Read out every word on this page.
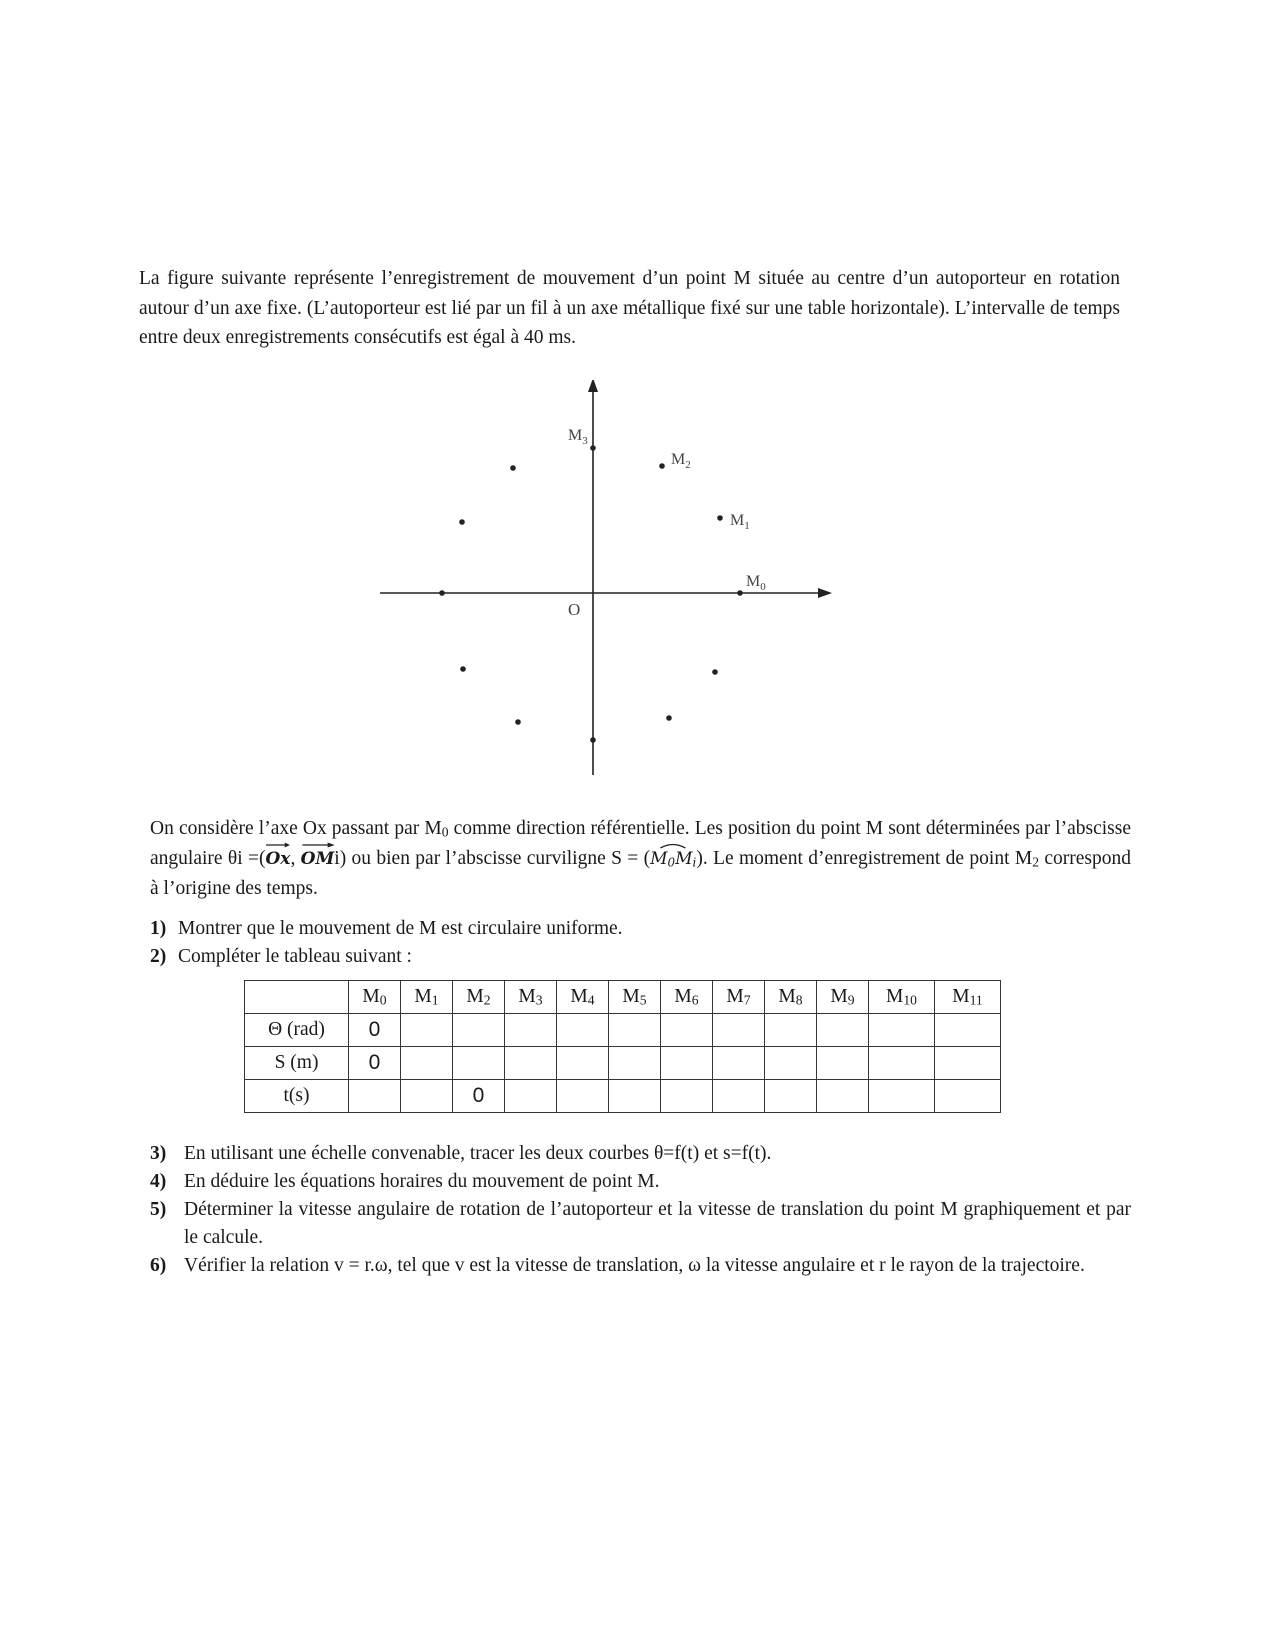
La figure suivante représente l’enregistrement de mouvement d’un point M située au centre d’un autoporteur en rotation autour d’un axe fixe. (L’autoporteur est lié par un fil à un axe métallique fixé sur une table horizontale). L’intervalle de temps entre deux enregistrements consécutifs est égal à 40 ms.

O
$M_0$
$M_1$
$M_2$
$M_3$

On considère l’axe Ox passant par $M_0$ comme direction référentielle. Les position du point M sont déterminées par l’abscisse angulaire θi =(Ox
, OM
i) ou bien par l’abscisse curviligne $S = (M_0M_i$
). Le moment d’enregistrement de point $M_2$ correspond à l’origine des temps.

1) Montrer que le mouvement de M est circulaire uniforme.
2) Compléter le tableau suivant :
	$M_0$	$M_1$	$M_2$	$M_3$	$M_4$	$M_5$	$M_6$	$M_7$	$M_8$	$M_9$	$M_{10}$	$M_{11}$
Θ (rad)	0											
S (m)	0											
t(s)			0									
3) En utilisant une échelle convenable, tracer les deux courbes θ=f(t) et s=f(t).
4) En déduire les équations horaires du mouvement de point M.
5) Déterminer la vitesse angulaire de rotation de l’autoporteur et la vitesse de translation du point M graphiquement et par le calcule.
6) Vérifier la relation v = r.ω, tel que v est la vitesse de translation, ω la vitesse angulaire et r le rayon de la trajectoire.
